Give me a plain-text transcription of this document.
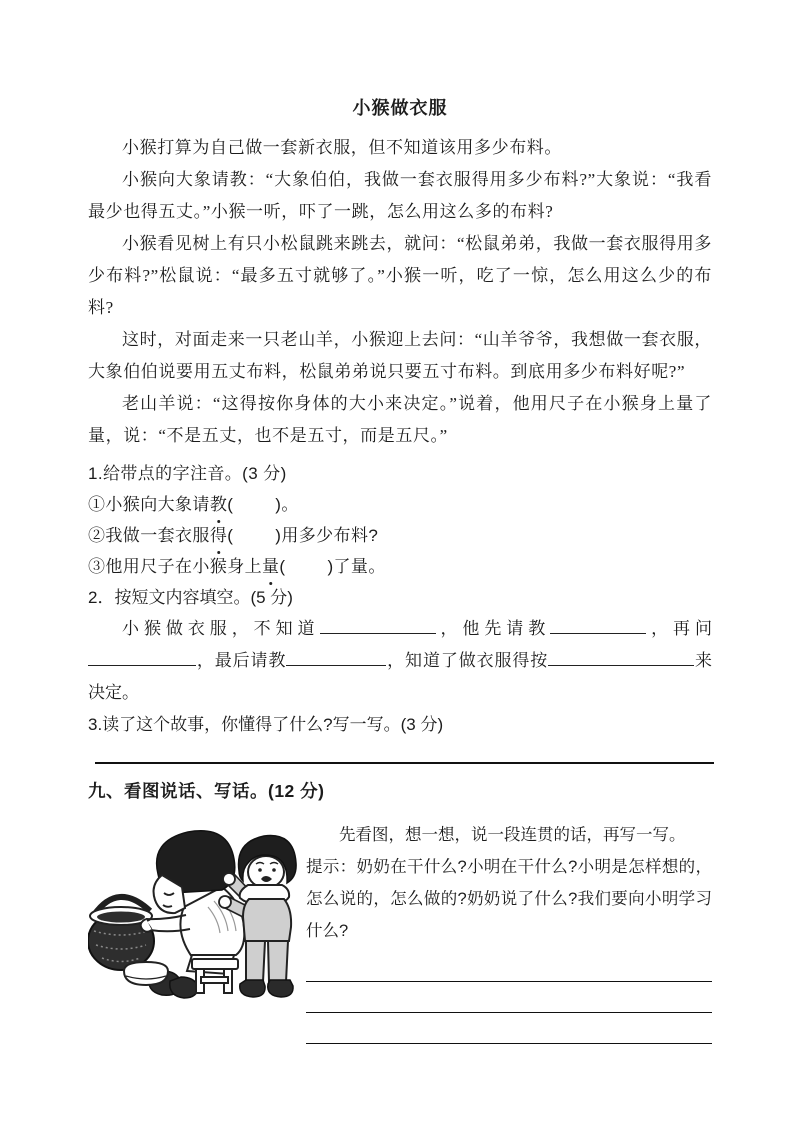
小猴做衣服

小猴打算为自己做一套新衣服，但不知道该用多少布料。

小猴向大象请教：“大象伯伯，我做一套衣服得用多少布料?”大象说：“我看最少也得五丈。”小猴一听，吓了一跳，怎么用这么多的布料?

小猴看见树上有只小松鼠跳来跳去，就问：“松鼠弟弟，我做一套衣服得用多少布料?”松鼠说：“最多五寸就够了。”小猴一听，吃了一惊，怎么用这么少的布料?

这时，对面走来一只老山羊，小猴迎上去问：“山羊爷爷，我想做一套衣服，大象伯伯说要用五丈布料，松鼠弟弟说只要五寸布料。到底用多少布料好呢?”

老山羊说：“这得按你身体的大小来决定。”说着，他用尺子在小猴身上量了量，说：“不是五丈，也不是五寸，而是五尺。”

1.给带点的字注音。(3 分)

①小猴向大象请教( )。

②我做一套衣服得( )用多少布料?

③他用尺子在小猴身上量( )了量。

2．按短文内容填空。(5 分)

小猴做衣服，不知道	，他先请教	，再问，最后请教	，知道了做衣服得按	来决定。

3.读了这个故事，你懂得了什么?写一写。(3 分)

九、看图说话、写话。(12 分)

先看图，想一想，说一段连贯的话，再写一写。

提示：奶奶在干什么?小明在干什么?小明是怎样想的，怎么说的，怎么做的?奶奶说了什么?我们要向小明学习什么?
